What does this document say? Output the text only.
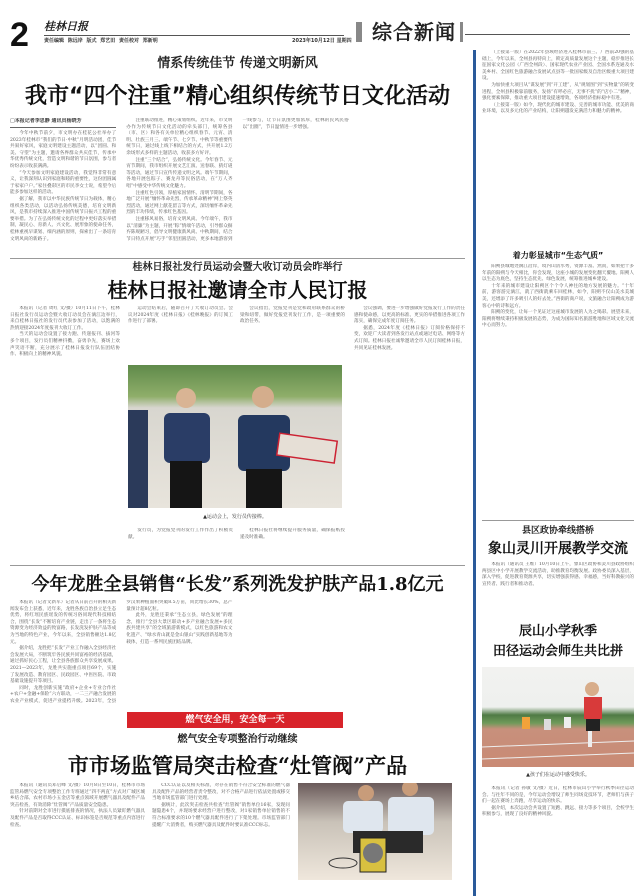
2 桂林日报
责任编辑 陈远岸 版式 郑艺田 责任校对 郑新明	2023年10月12日 星期四 综合新闻
情系传统佳节 传递文明新风
我市“四个注重”精心组织传统节日文化活动
□本报记者李思静 通讯员杨晓芳

今年中秋节前夕，市文明办在桂花公社举办了2023年桂林市“我们的节日·中秋”月明活动团，佳节共叙好家风，家庭文明建设主题活动，以“团圆、和美、守望”为主题，邀请各界群众共庆佳节，传承中华优秀传统文化，营造文明和谐的节日氛围，参与者纷纷表示收获满满。

“今天参加文明家庭建设活动，我觉得非常有意义，让我深刻认识到家庭和睦的重要性，这份团圆属于家家户户。”家住叠彩区的市民李女士说，希望今后能多参加这样的活动。

据了解，我市以中华民族传统节日为载体，精心组织各类活动，以活动弘扬传统美德，培育文明新风，是我市持续深入推进中国传统节日振兴工程的重要举措。为了在弘扬传统文化的过程中更好落实举措制，凝民心、育新人、兴文化、展形象的使命任务，桂林重视早谋划、细内涵的原则，探索出了一条培育文明风尚的新路子。

注重联动推进，精心策划组织。近年来，市文明办作为传统节日文化活动的牵头部门，统筹各县（市、区）和各有关单位精心组织春节、元宵、清明、壮族三月三、端午节、七夕节、中秋节等重要传统节日，通过线上线下相结合的方式，共开展1.2万余场形式多样的主题活动，收获多方好评。

注重“三个结合”，弘扬传统文化。今年春节、元宵节期间，我市组织开展文艺汇演、送春联、猜灯谜等活动，通过节日宣传传递文明之风。端午节期间，各地开展包粽子、赛龙舟等民俗活动，在“万人齐唱”中感受中华传统文化魅力。

注重红色引领，厚植家国情怀。清明节期间，各地广泛开展“缅怀革命先烈，传承革命精神”网上祭英烈活动，通过网上献花留言等方式，深切缅怀革命先烈的丰功伟绩，传承红色基因。

注重移风易俗，培育文明风尚。今年端午，我市以“清廉”为主题，开展“粽”情端午活动，引导群众摒弃陈规陋习，倡导文明健康新风尚。中秋期间，结合节日特点开展“巧手”邻里团圆活动，更多本地游客到一线参与，让节日氛围更加浓厚，桂林的民风民俗以“出圈”，节日温情进一步增强。

桂林日报社发行员运动会暨大收订动员会昨举行
桂林日报社邀请全市人民订报

本报讯（记者 周红 文/摄）10月11日下午，桂林日报社发行员运动会暨大收订动员会在漓江边举行，来自桂林日报社的发行员代表参加了活动，以饱满的热情迎接2024年度报刊大收订工作。

当天的运动会设置了接力跑、传递报刊、拔河等多个项目，发行员们精神抖擞，奋勇争先，赛场上欢声笑语不断，充分展示了桂林日报发行队伍团结协作、积极向上的精神风貌。

运动会结束后，随即召开了大收订动员会。会议对2024年度《桂林日报》《桂林晚报》的订阅工作进行了部署。

会议指出，党报党刊是党和政府联系群众的桥梁和纽带，做好党报党刊发行工作，是一项重要的政治任务。

▲运动会上，发行员传接棒。

发行员，为党报党刊的发行工作作出了积极贡献。

桂林日报社将继续提升服务质量，确保报纸投递及时准确。

会议强调，要进一步增强做好党报发行工作的责任感和使命感，以更高的标准、更实的举措推进各项工作落实，确保完成年度订阅任务。

据悉，2024年度《桂林日报》订阅价格保持不变，欢迎广大读者到各发行站点或通过电话、网络等方式订阅。桂林日报社诚挚邀请全市人民订阅桂林日报，共同见证桂林发展。

今年龙胜全县销售“长发”系列洗发护肤产品1.8亿元

本报讯（记者文新军）记者从日前召开的相关新闻发布会上获悉，近年来，龙胜各族自治县立足生态优势，将红瑶民族瑶发的传统习俗同现代科技相结合，围绕“长发”不断培育产业链，走出了一条将生态资源变为经济效益的致富路，长发洗发护肤产品等成为当地的特色产业，今年以来，全县销售额达1.8亿元。

据介绍，龙胜把“长发”产业工作融入全县经济社会发展大局，不断筑牢各民族共同富裕的经济基础，通过抓好民心工程，让全县各族群众共享发展成果。2021—2023年，龙胜共实施重点项目69个，实施了发展改造、教育园区、民政园区、中医医院、市政基础设施提升等项目。

同时，龙胜创新实施“政府+企业+专业合作社+农户+金融+保险”六方联动，一二三产融合发展的农业产业模式，促进产业提档升级。2023年，全县罗汉果种植面积突破8.5万亩，同比增长30%，总产量预计超8亿粒。

此外，龙胜还秉承“生态立县，绿色发展”的理念，推行“全县大景区联动+多产业融合发展+多民族共建共享”的全域旅游新模式，以红色旅游和农文化遗产、“绿水青山就是金山银山”实践创新基地等为载体，打造一系列民族团结品牌。

燃气安全用，安全每一天
燃气安全专项整治行动继续
市市场监管局突击检查“灶管阀”产品

本报讯（通讯员邓启峰 文/摄）10月8日至10日，桂林市市场监管局燃气安全专项整治工作专班通过“四不两直”方式对广城区城乡结合部、农村市场小五金店等重点领域开展燃气器具及配件产品突击检查，有效消除“灶管阀”产品质量安全隐患。

针对前期对全市进行摸底排查的情况，执法人员紧盯燃气器具及配件产品是否取得CCC认证、标识标签是否规范等重点内容进行检查。

CCC认证以及相关标准，对存在销售不符合安全标准的燃气器具及配件产品的经营者责令整改，对不合格产品进行依法处置或移交当地市场监管部门进行处理。

据统计，此次突击检查共检查“灶管阀”销售单位16家，发现问题隐患4个，并现场要求经营户进行整改，对1家销售单位销售的不符合标准要求的10个燃气器具配件进行了下架处理。市场监管部门提醒广大消费者，购买燃气器具及配件时要认准CCC标志。

（上接第一版）在2022年县域经济进入桂林市前三、广西前20强的基础上，今年以来，全州县再特向上，锁定高质量发展这个主题，稳步推进长征国家文化公园（广西全州段）、国家现代农业产业园、全国水系连通及水美乡村、全国红色旅游融合发展试点县等一批国家级及自治区级重大项目建设。

为加快重大项目从“谋发展”到“开工建”，从“规划图”到“实物量”的转变进程，全州县积极靠前服务，发扬“有呼必应，无事不扰”的“店小二”精神，强化要素保障，推动重大项目建设提速增效，各项经济指标稳中有进。

（上接第一版）如今，现代化的城市建设、完善的城市功能、优美的商业环境，以及多元化的产业结构，让阳朔越发充满活力和魅力的精神。

着力彰显城市“生态气质”

阳朔县城地处漓江沿岸，境内山清水秀，资源丰富。然而，如果把十多年前的阳朔与今天相比，你会发现，这座小城的发展变化翻天覆地。阳朔人以生态为底色，坚持生态优先、绿色发展，统筹推进城乡建设。

十年来的城市建设让阳朔区个个令人神往的地方发展的魅力。“十年前，游客游完漓江，就了西街就乘车回桂林，如今，阳朔不仅山美水美城美，还增添了许多吸引人的好去处。”西街的商户说，文旅融合让阳朔成为游客心中的诗和远方。

阳朔的变化，让每一个见证过这座城市发展的人为之喝彩。展望未来，阳朔将继续秉持积极发展的态势，为成为国际知名旅游胜地和区域文化交流中心而努力。

县区政协牵线搭桥
象山灵川开展教学交流

本报讯（通讯员 王维）10月10日上午，象山区政协和灵川县政协组织两县区中小学开展教学交流活动，助推教育均衡发展。政协委员深入基层，深入学校，促进教育资源共享，切实增强获得感、幸福感，当好科教振兴的宣传者、践行者和推动者。

辰山小学秋季
田径运动会师生共比拼
▲孩子们在运动中感受快乐。

本报讯（记者 孙敏 文/摄）近日，桂林市辰山小学举行秋季田径运动会。与往年不同的是，今年运动会增设了师生同场竞技环节，老师们与孩子们一起在赛场上奔跑，尽享运动的快乐。

据介绍，本次运动会共设置了短跑、跳远、接力等多个项目，全校学生积极参与，展现了良好的精神风貌。
